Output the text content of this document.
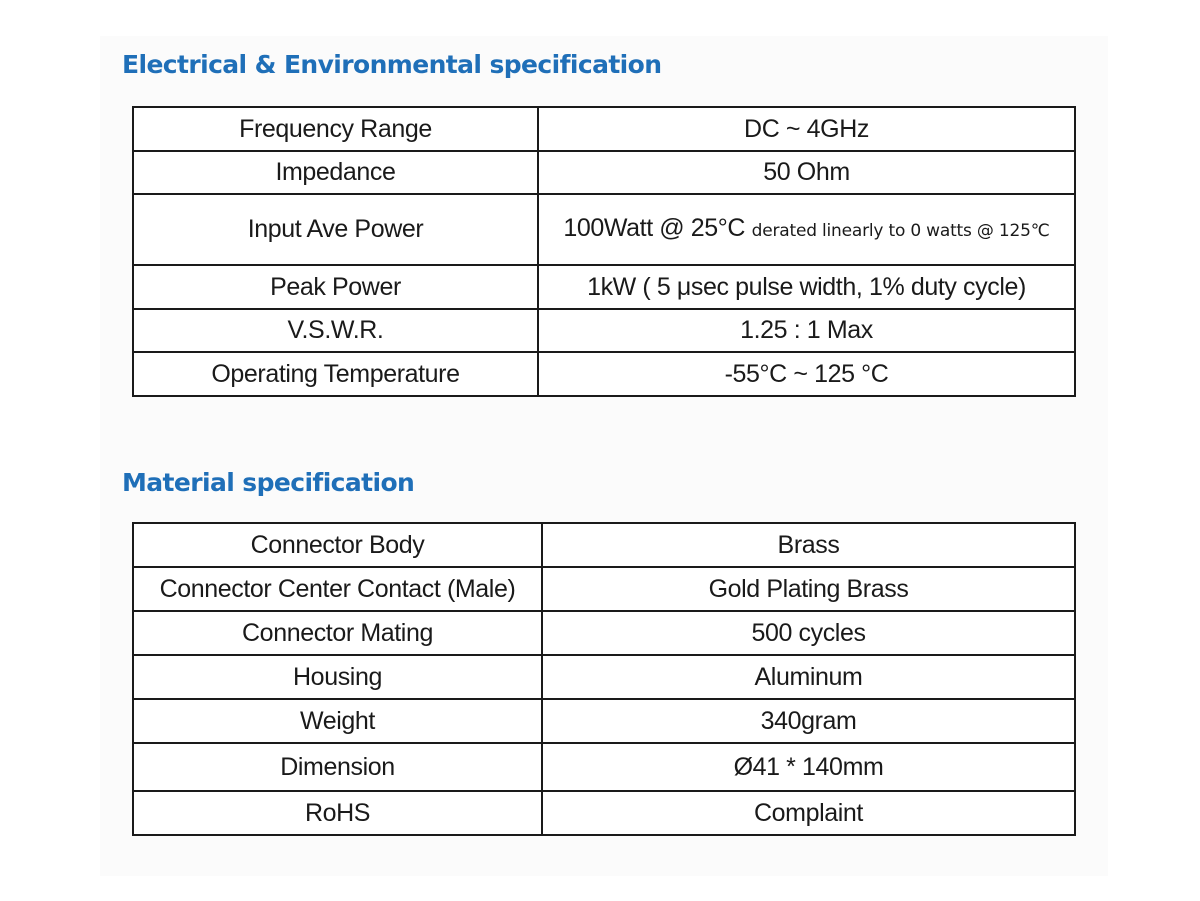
Electrical & Environmental specification
Frequency Range	DC ~ 4GHz
Impedance	50 Ohm
Input Ave Power	100Watt @ 25°C derated linearly to 0 watts @ 125℃
Peak Power	1kW ( 5 μsec pulse width, 1% duty cycle)
V.S.W.R.	1.25 : 1 Max
Operating Temperature	-55°C ~ 125 °C
Material specification
Connector Body	Brass
Connector Center Contact (Male)	Gold Plating Brass
Connector Mating	500 cycles
Housing	Aluminum
Weight	340gram
Dimension	Ø41 * 140mm
RoHS	Complaint
